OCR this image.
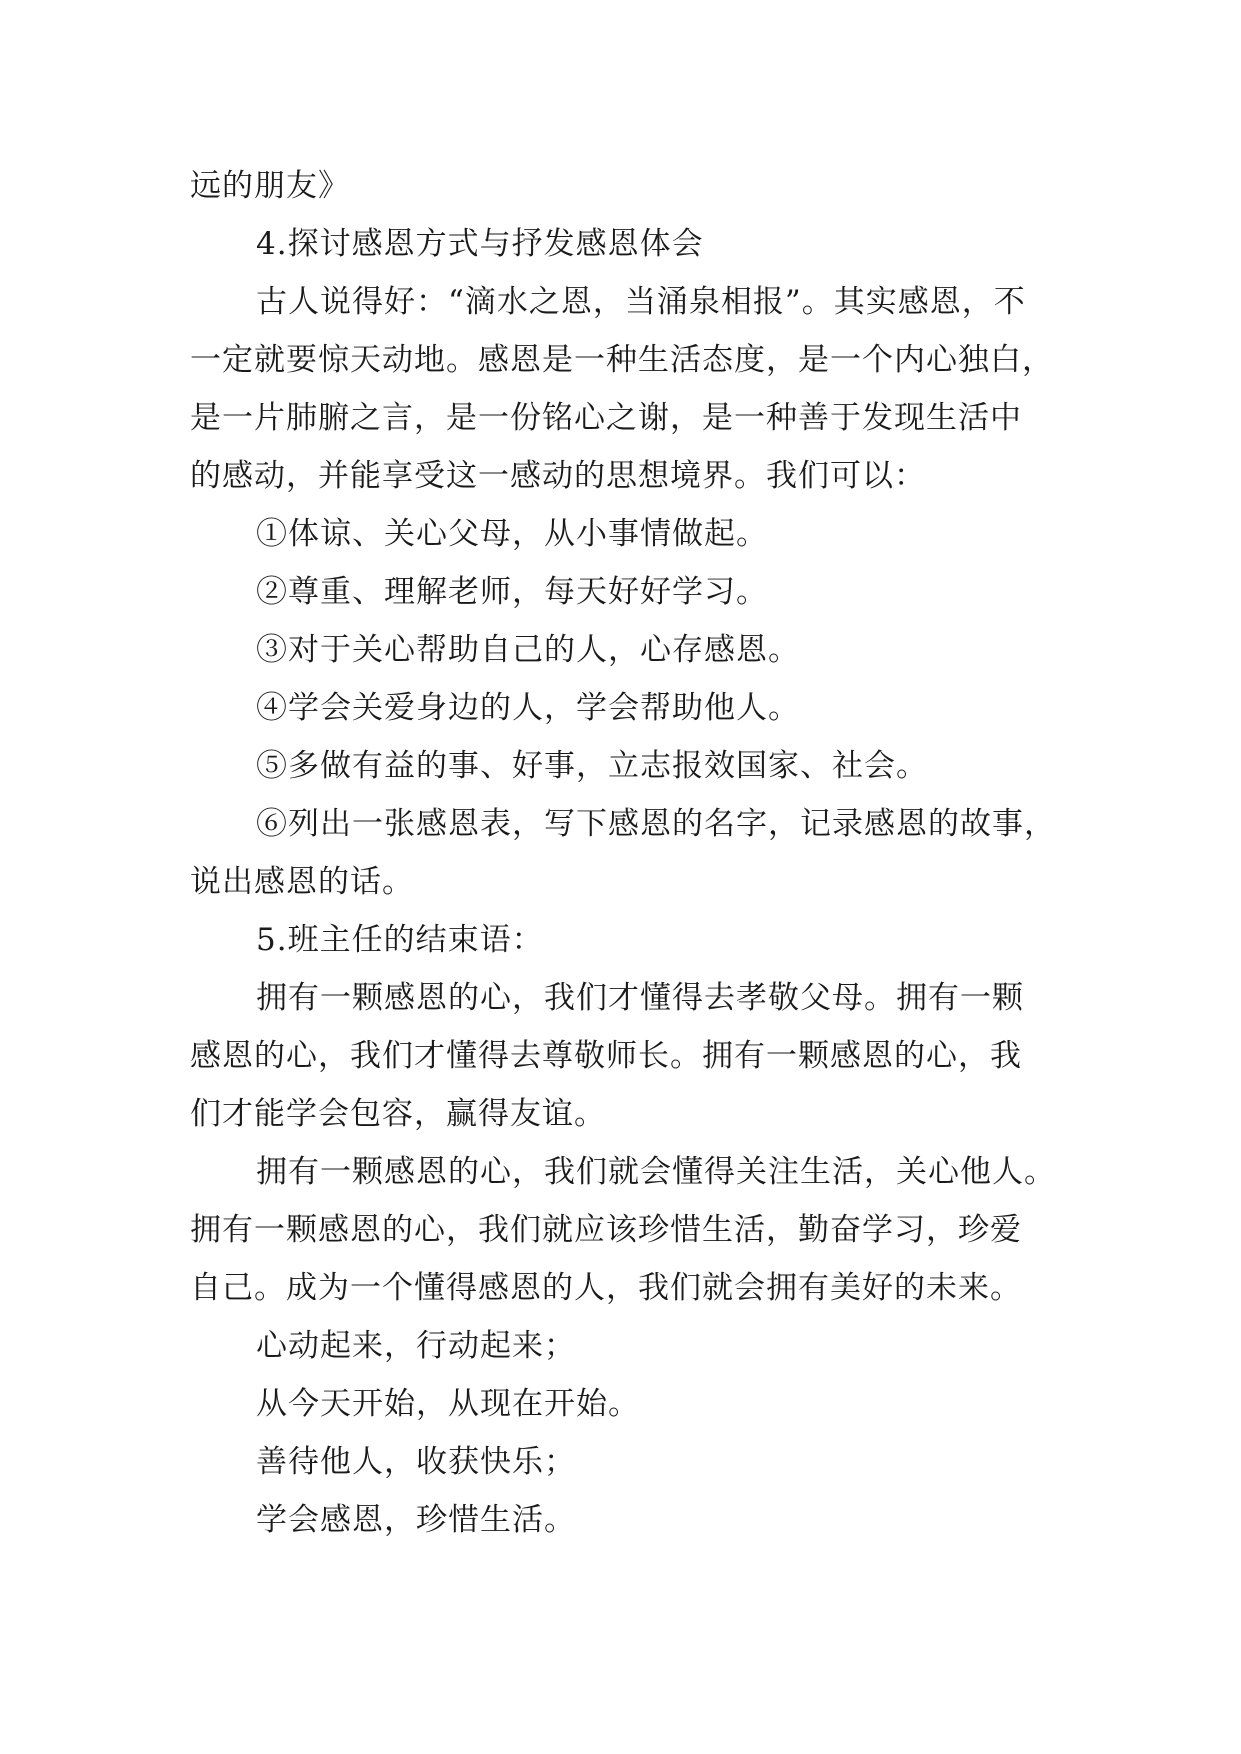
远的朋友》
4.探讨感恩方式与抒发感恩体会
古人说得好：“滴水之恩，当涌泉相报”。其实感恩，不
一定就要惊天动地。感恩是一种生活态度，是一个内心独白，
是一片肺腑之言，是一份铭心之谢，是一种善于发现生活中
的感动，并能享受这一感动的思想境界。我们可以：
①体谅、关心父母，从小事情做起。
②尊重、理解老师，每天好好学习。
③对于关心帮助自己的人，心存感恩。
④学会关爱身边的人，学会帮助他人。
⑤多做有益的事、好事，立志报效国家、社会。
⑥列出一张感恩表，写下感恩的名字，记录感恩的故事，
说出感恩的话。
5.班主任的结束语：
拥有一颗感恩的心，我们才懂得去孝敬父母。拥有一颗
感恩的心，我们才懂得去尊敬师长。拥有一颗感恩的心，我
们才能学会包容，赢得友谊。
拥有一颗感恩的心，我们就会懂得关注生活，关心他人。
拥有一颗感恩的心，我们就应该珍惜生活，勤奋学习，珍爱
自己。成为一个懂得感恩的人，我们就会拥有美好的未来。
心动起来，行动起来；
从今天开始，从现在开始。
善待他人，收获快乐；
学会感恩，珍惜生活。
